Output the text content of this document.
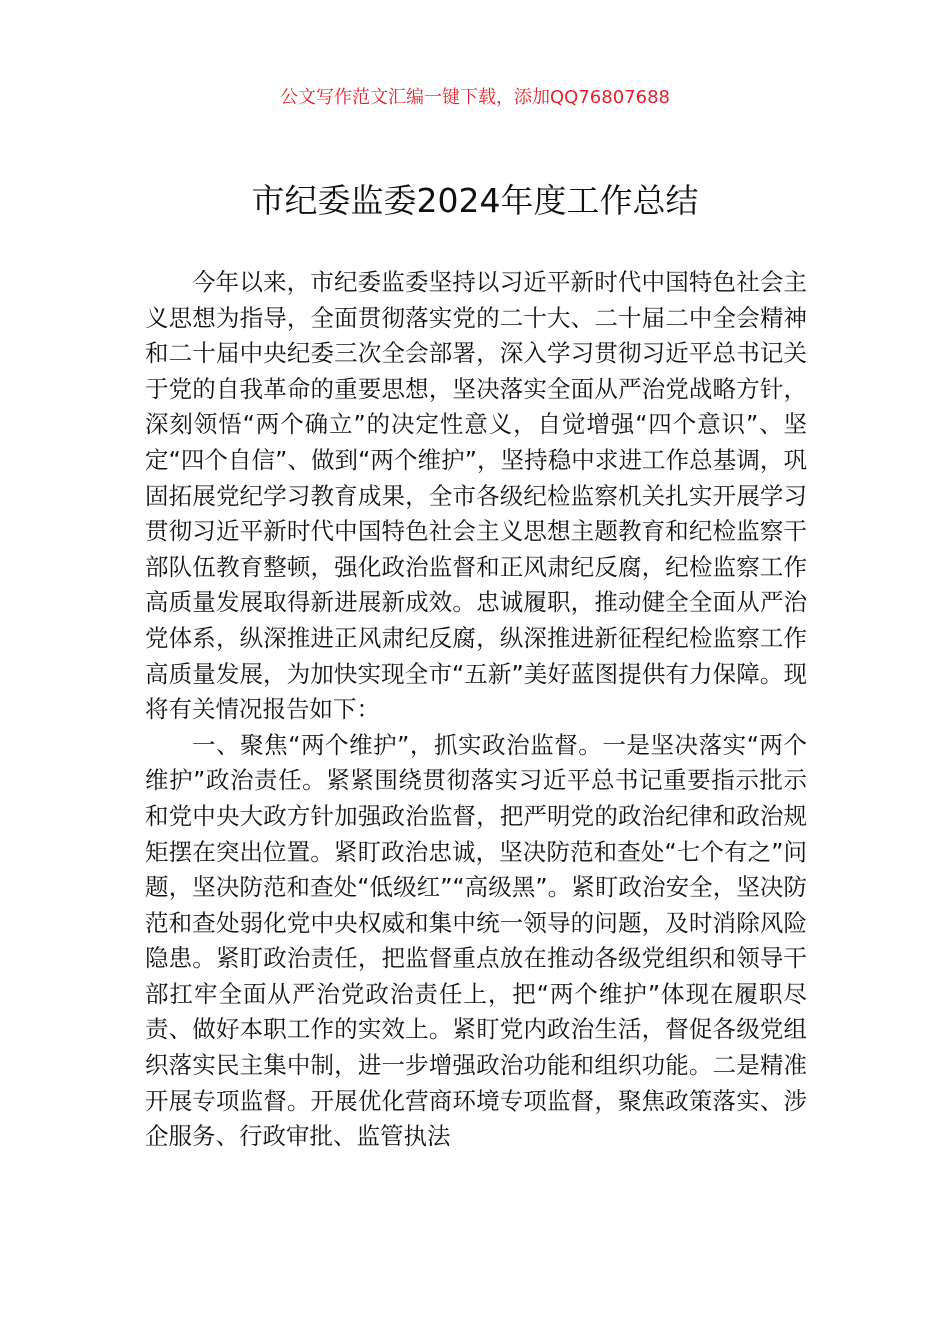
公文写作范文汇编一键下载，添加QQ76807688
市纪委监委2024年度工作总结

今年以来，市纪委监委坚持以习近平新时代中国特色社会主义思想为指导，全面贯彻落实党的二十大、二十届二中全会精神和二十届中央纪委三次全会部署，深入学习贯彻习近平总书记关于党的自我革命的重要思想，坚决落实全面从严治党战略方针，深刻领悟“两个确立”的决定性意义，自觉增强“四个意识”、坚定“四个自信”、做到“两个维护”，坚持稳中求进工作总基调，巩固拓展党纪学习教育成果，全市各级纪检监察机关扎实开展学习贯彻习近平新时代中国特色社会主义思想主题教育和纪检监察干部队伍教育整顿，强化政治监督和正风肃纪反腐，纪检监察工作高质量发展取得新进展新成效。忠诚履职，推动健全全面从严治党体系，纵深推进正风肃纪反腐，纵深推进新征程纪检监察工作高质量发展，为加快实现全市“五新”美好蓝图提供有力保障。现将有关情况报告如下：

一、聚焦“两个维护”，抓实政治监督。一是坚决落实“两个维护”政治责任。紧紧围绕贯彻落实习近平总书记重要指示批示和党中央大政方针加强政治监督，把严明党的政治纪律和政治规矩摆在突出位置。紧盯政治忠诚，坚决防范和查处“七个有之”问题，坚决防范和查处“低级红”“高级黑”。紧盯政治安全，坚决防范和查处弱化党中央权威和集中统一领导的问题，及时消除风险隐患。紧盯政治责任，把监督重点放在推动各级党组织和领导干部扛牢全面从严治党政治责任上，把“两个维护”体现在履职尽责、做好本职工作的实效上。紧盯党内政治生活，督促各级党组织落实民主集中制，进一步增强政治功能和组织功能。二是精准开展专项监督。开展优化营商环境专项监督，聚焦政策落实、涉企服务、行政审批、监管执法
